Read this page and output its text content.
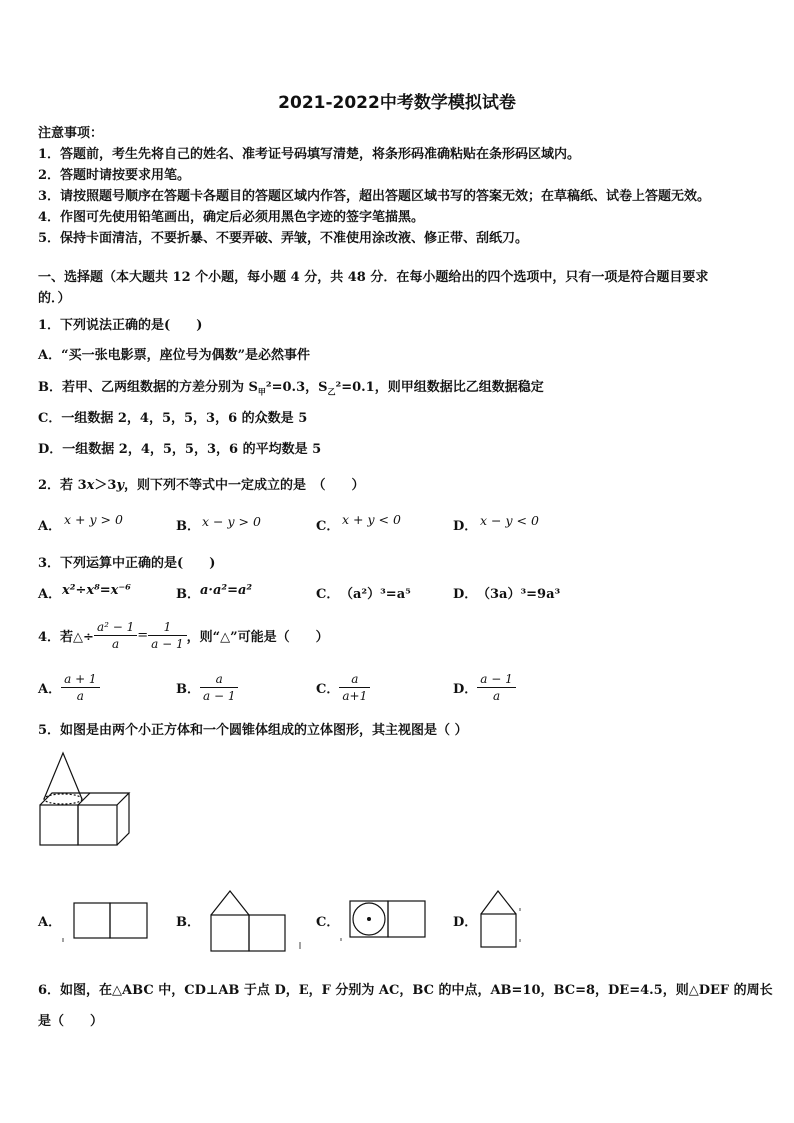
2021-2022中考数学模拟试卷
注意事项：
1．答题前，考生先将自己的姓名、准考证号码填写清楚，将条形码准确粘贴在条形码区域内。
2．答题时请按要求用笔。
3．请按照题号顺序在答题卡各题目的答题区域内作答，超出答题区域书写的答案无效；在草稿纸、试卷上答题无效。
4．作图可先使用铅笔画出，确定后必须用黑色字迹的签字笔描黑。
5．保持卡面清洁，不要折暴、不要弄破、弄皱，不准使用涂改液、修正带、刮纸刀。
一、选择题（本大题共 12 个小题，每小题 4 分，共 48 分．在每小题给出的四个选项中，只有一项是符合题目要求
的．）
1．下列说法正确的是(　　)
A．“买一张电影票，座位号为偶数”是必然事件
B．若甲、乙两组数据的方差分别为 $S_甲^2=0.3$，$S_乙^2=0.1$，则甲组数据比乙组数据稳定
C．一组数据 2，4，5，5，3，6 的众数是 5
D．一组数据 2，4，5，5，3，6 的平均数是 5
2．若 3x＞3y，则下列不等式中一定成立的是　（　　）
A． x + y > 0	B． x − y > 0	C． x + y < 0	D． x − y < 0
3．下列运算中正确的是(　　)
A． x²÷x⁸=x⁻⁶	B． a·a²=a²	C． （a²）³=a⁵	D． （3a）³=9a³
4．若△÷ $\frac{\text{a² − 1}}{a} = \frac{1}{a - 1}$ ，则“△”可能是（　　）
A． $\frac{a + 1}{a}$	B． $\frac{a}{a - 1}$	C． $\frac{a}{a+1}$	D． $\frac{a - 1}{a}$
5．如图是由两个小正方体和一个圆锥体组成的立体图形，其主视图是（ ）
A．	B．	C．	D．
6．如图，在△ABC 中，CD⊥AB 于点 D，E，F 分别为 AC，BC 的中点，AB=10，BC=8，DE=4.5，则△DEF 的周长
是（　　）
